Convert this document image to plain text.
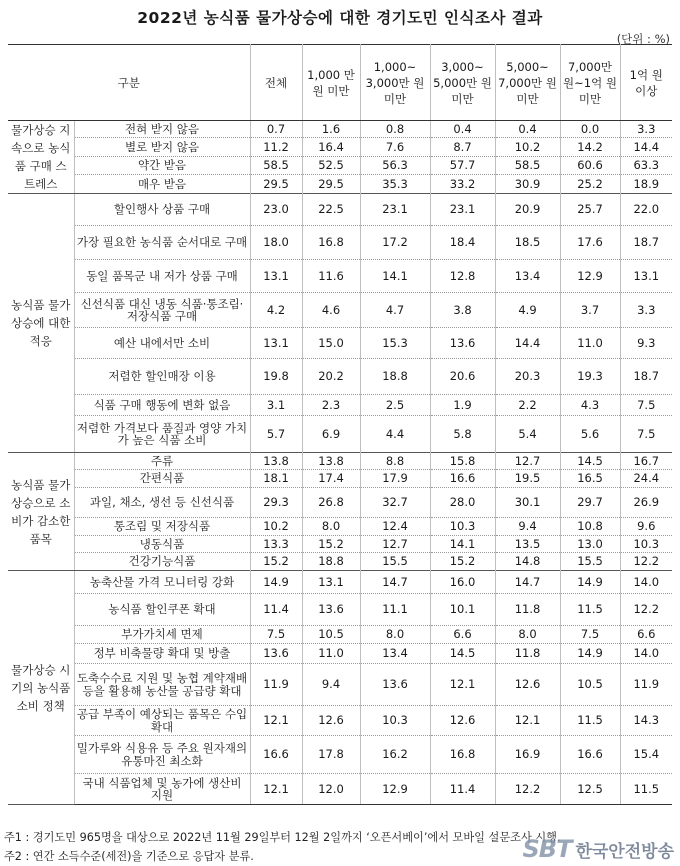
2022년 농식품 물가상승에 대한 경기도민 인식조사 결과
(단위 : %)
구분		전체	1,000 만 원 미만	1,000~ 3,000만 원 미만	3,000~ 5,000만 원 미만	5,000~ 7,000만 원 미만	7,000만 원~1억 원 미만	1억 원 이상
물가상승 지속으로 농식품 구매 스트레스	전혀 받지 않음	0.7	1.6	0.8	0.4	0.4	0.0	3.3
	별로 받지 않음	11.2	16.4	7.6	8.7	10.2	14.2	14.4
	약간 받음	58.5	52.5	56.3	57.7	58.5	60.6	63.3
	매우 받음	29.5	29.5	35.3	33.2	30.9	25.2	18.9
농식품 물가상승에 대한 적응	할인행사 상품 구매	23.0	22.5	23.1	23.1	20.9	25.7	22.0
	가장 필요한 농식품 순서대로 구매	18.0	16.8	17.2	18.4	18.5	17.6	18.7
	동일 품목군 내 저가 상품 구매	13.1	11.6	14.1	12.8	13.4	12.9	13.1
	신선식품 대신 냉동 식품·통조림·저장식품 구매	4.2	4.6	4.7	3.8	4.9	3.7	3.3
	예산 내에서만 소비	13.1	15.0	15.3	13.6	14.4	11.0	9.3
	저렴한 할인매장 이용	19.8	20.2	18.8	20.6	20.3	19.3	18.7
	식품 구매 행동에 변화 없음	3.1	2.3	2.5	1.9	2.2	4.3	7.5
	저렴한 가격보다 품질과 영양 가치가 높은 식품 소비	5.7	6.9	4.4	5.8	5.4	5.6	7.5
농식품 물가상승으로 소비가 감소한 품목	주류	13.8	13.8	8.8	15.8	12.7	14.5	16.7
	간편식품	18.1	17.4	17.9	16.6	19.5	16.5	24.4
	과일, 채소, 생선 등 신선식품	29.3	26.8	32.7	28.0	30.1	29.7	26.9
	통조림 및 저장식품	10.2	8.0	12.4	10.3	9.4	10.8	9.6
	냉동식품	13.3	15.2	12.7	14.1	13.5	13.0	10.3
	건강기능식품	15.2	18.8	15.5	15.2	14.8	15.5	12.2
물가상승 시기의 농식품 소비 정책	농축산물 가격 모니터링 강화	14.9	13.1	14.7	16.0	14.7	14.9	14.0
	농식품 할인쿠폰 확대	11.4	13.6	11.1	10.1	11.8	11.5	12.2
	부가가치세 면제	7.5	10.5	8.0	6.6	8.0	7.5	6.6
	정부 비축물량 확대 및 방출	13.6	11.0	13.4	14.5	11.8	14.9	14.0
	도축수수료 지원 및 농협 계약재배 등을 활용해 농산물 공급량 확대	11.9	9.4	13.6	12.1	12.6	10.5	11.9
	공급 부족이 예상되는 품목은 수입 확대	12.1	12.6	10.3	12.6	12.1	11.5	14.3
	밀가루와 식용유 등 주요 원자재의 유통마진 최소화	16.6	17.8	16.2	16.8	16.9	16.6	15.4
	국내 식품업체 및 농가에 생산비 지원	12.1	12.0	12.9	11.4	12.2	12.5	11.5
주1 : 경기도민 965명을 대상으로 2022년 11월 29일부터 12월 2일까지 ‘오픈서베이’에서 모바일 설문조사 시행.
주2 : 연간 소득수준(세전)을 기준으로 응답자 분류.	SBT 한국안전방송
